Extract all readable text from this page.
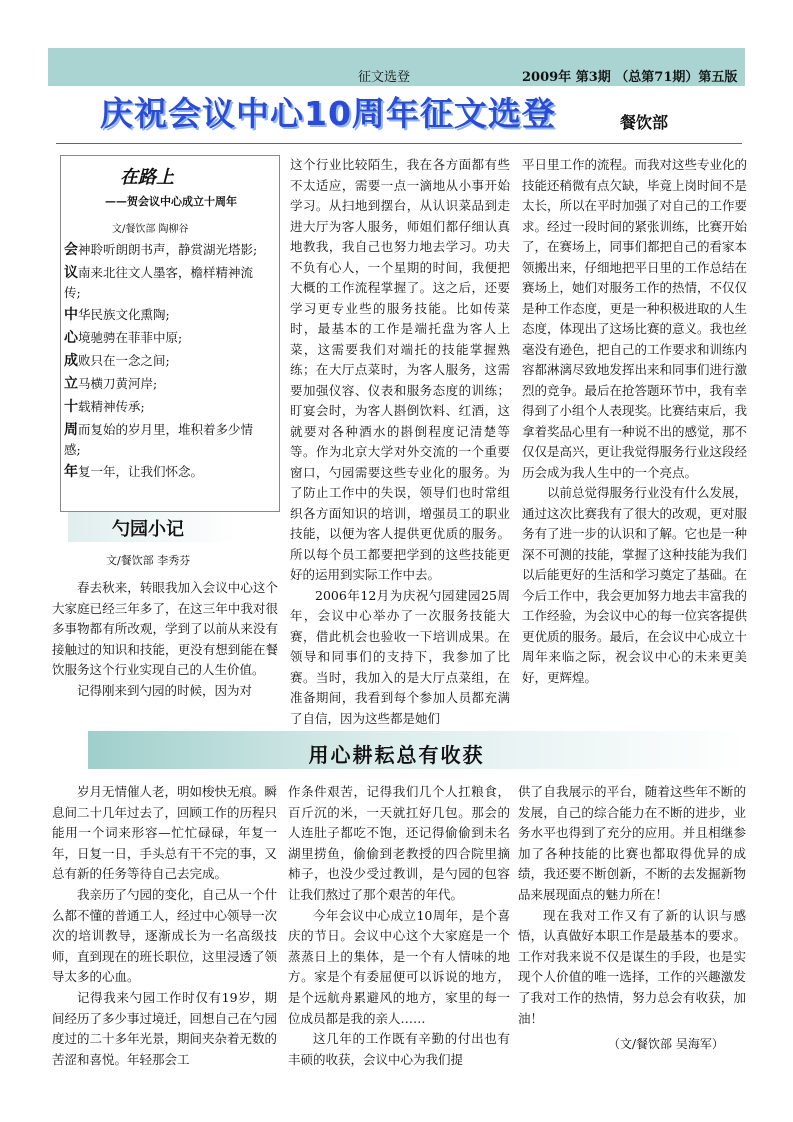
征文选登	2009年 第3期 （总第71期）第五版
庆祝会议中心10周年征文选登	餐饮部
在路上
——贺会议中心成立十周年
文/餐饮部 陶柳谷
会神聆听朗朗书声，静赏湖光塔影;
议南来北往文人墨客，檐样精神流传;
中华民族文化熏陶;
心境驰骋在菲菲中原;
成败只在一念之间;
立马横刀黄河岸;
十载精神传承;
周而复始的岁月里，堆积着多少情感;
年复一年，让我们怀念。
勺园小记
文/餐饮部 李秀芬

春去秋来，转眼我加入会议中心这个大家庭已经三年多了，在这三年中我对很多事物都有所改观，学到了以前从来没有接触过的知识和技能，更没有想到能在餐饮服务这个行业实现自己的人生价值。

记得刚来到勺园的时候，因为对

这个行业比较陌生，我在各方面都有些不太适应，需要一点一滴地从小事开始学习。从扫地到摆台，从认识菜品到走进大厅为客人服务，师姐们都仔细认真地教我，我自己也努力地去学习。功夫不负有心人，一个星期的时间，我便把大概的工作流程掌握了。这之后，还要学习更专业些的服务技能。比如传菜时，最基本的工作是端托盘为客人上菜，这需要我们对端托的技能掌握熟练；在大厅点菜时，为客人服务，这需要加强仪容、仪表和服务态度的训练；盯宴会时，为客人斟倒饮料、红酒，这就要对各种酒水的斟倒程度记清楚等等。作为北京大学对外交流的一个重要窗口，勺园需要这些专业化的服务。为了防止工作中的失误，领导们也时常组织各方面知识的培训，增强员工的职业技能，以便为客人提供更优质的服务。所以每个员工都要把学到的这些技能更好的运用到实际工作中去。

2006年12月为庆祝勺园建园25周年，会议中心举办了一次服务技能大赛，借此机会也验收一下培训成果。在领导和同事们的支持下，我参加了比赛。当时，我加入的是大厅点菜组，在准备期间，我看到每个参加人员都充满了自信，因为这些都是她们

平日里工作的流程。而我对这些专业化的技能还稍微有点欠缺，毕竟上岗时间不是太长，所以在平时加强了对自己的工作要求。经过一段时间的紧张训练，比赛开始了，在赛场上，同事们都把自己的看家本领搬出来，仔细地把平日里的工作总结在赛场上，她们对服务工作的热情，不仅仅是种工作态度，更是一种积极进取的人生态度，体现出了这场比赛的意义。我也丝毫没有逊色，把自己的工作要求和训练内容都淋漓尽致地发挥出来和同事们进行激烈的竞争。最后在抢答题环节中，我有幸得到了小组个人表现奖。比赛结束后，我拿着奖品心里有一种说不出的感觉，那不仅仅是高兴，更让我觉得服务行业这段经历会成为我人生中的一个亮点。

以前总觉得服务行业没有什么发展，通过这次比赛我有了很大的改观，更对服务有了进一步的认识和了解。它也是一种深不可测的技能，掌握了这种技能为我们以后能更好的生活和学习奠定了基础。在今后工作中，我会更加努力地去丰富我的工作经验，为会议中心的每一位宾客提供更优质的服务。最后，在会议中心成立十周年来临之际，祝会议中心的未来更美好，更辉煌。

用心耕耘总有收获

岁月无情催人老，明如梭快无痕。瞬息间二十几年过去了，回顾工作的历程只能用一个词来形容—忙忙碌碌，年复一年，日复一日，手头总有干不完的事，又总有新的任务等待自己去完成。

我亲历了勺园的变化，自己从一个什么都不懂的普通工人，经过中心领导一次次的培训教导，逐渐成长为一名高级技师，直到现在的班长职位，这里浸透了领导太多的心血。

记得我来勺园工作时仅有19岁，期间经历了多少事过境迁，回想自己在勺园度过的二十多年光景，期间夹杂着无数的苦涩和喜悦。年轻那会工

作条件艰苦，记得我们几个人扛粮食，百斤沉的米，一天就扛好几包。那会的人连肚子都吃不饱，还记得偷偷到未名湖里捞鱼，偷偷到老教授的四合院里摘柿子，也没少受过教训，是勺园的包容让我们熬过了那个艰苦的年代。

今年会议中心成立10周年，是个喜庆的节日。会议中心这个大家庭是一个蒸蒸日上的集体，是一个有人情味的地方。家是个有委屈便可以诉说的地方，是个远航舟累避风的地方，家里的每一位成员都是我的亲人……

这几年的工作既有辛勤的付出也有丰硕的收获，会议中心为我们提

供了自我展示的平台，随着这些年不断的发展，自己的综合能力在不断的进步，业务水平也得到了充分的应用。并且相继参加了各种技能的比赛也都取得优异的成绩，我还要不断创新，不断的去发掘新物品来展现面点的魅力所在！

现在我对工作又有了新的认识与感悟，认真做好本职工作是最基本的要求。工作对我来说不仅是谋生的手段，也是实现个人价值的唯一选择，工作的兴趣激发了我对工作的热情，努力总会有收获，加油！

（文/餐饮部 吴海军）
